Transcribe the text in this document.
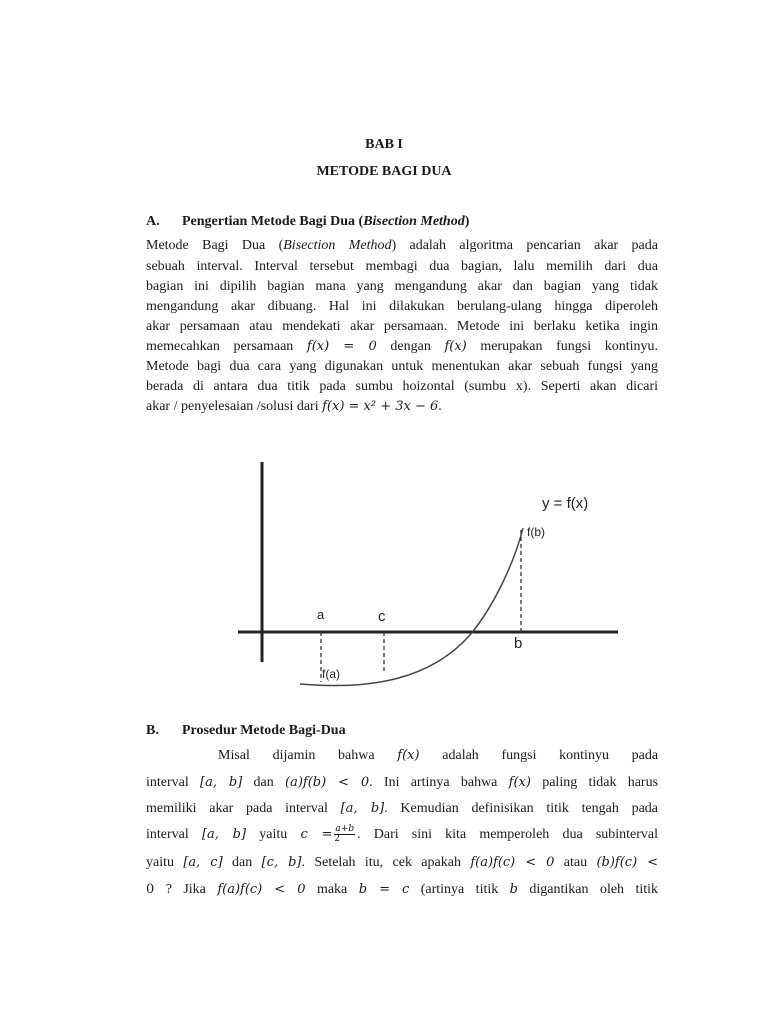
BAB I
METODE BAGI DUA
A. Pengertian Metode Bagi Dua (Bisection Method)
Metode Bagi Dua (Bisection Method) adalah algoritma pencarian akar pada
sebuah interval. Interval tersebut membagi dua bagian, lalu memilih dari dua
bagian ini dipilih bagian mana yang mengandung akar dan bagian yang tidak
mengandung akar dibuang. Hal ini dilakukan berulang-ulang hingga diperoleh
akar persamaan atau mendekati akar persamaan. Metode ini berlaku ketika ingin
memecahkan persamaan f(x) = 0 dengan f(x) merupakan fungsi kontinyu.
Metode bagi dua cara yang digunakan untuk menentukan akar sebuah fungsi yang
berada di antara dua titik pada sumbu hoizontal (sumbu x). Seperti akan dicari
akar / penyelesaian /solusi dari f(x) = x² + 3x − 6.
y = f(x)
f(b)
a	c
b
f(a)
B. Prosedur Metode Bagi-Dua
Misal dijamin bahwa f(x) adalah fungsi kontinyu pada
interval [a, b] dan (a)f(b) < 0. Ini artinya bahwa f(x) paling tidak harus
memiliki akar pada interval [a, b]. Kemudian definisikan titik tengah pada
interval [a, b] yaitu $c = \frac{a+b}{2}$ . Dari sini kita memperoleh dua subinterval
yaitu [a, c] dan [c, b]. Setelah itu, cek apakah f(a)f(c) < 0 atau (b)f(c) <
0 ? Jika f(a)f(c) < 0 maka b = c (artinya titik b digantikan oleh titik
